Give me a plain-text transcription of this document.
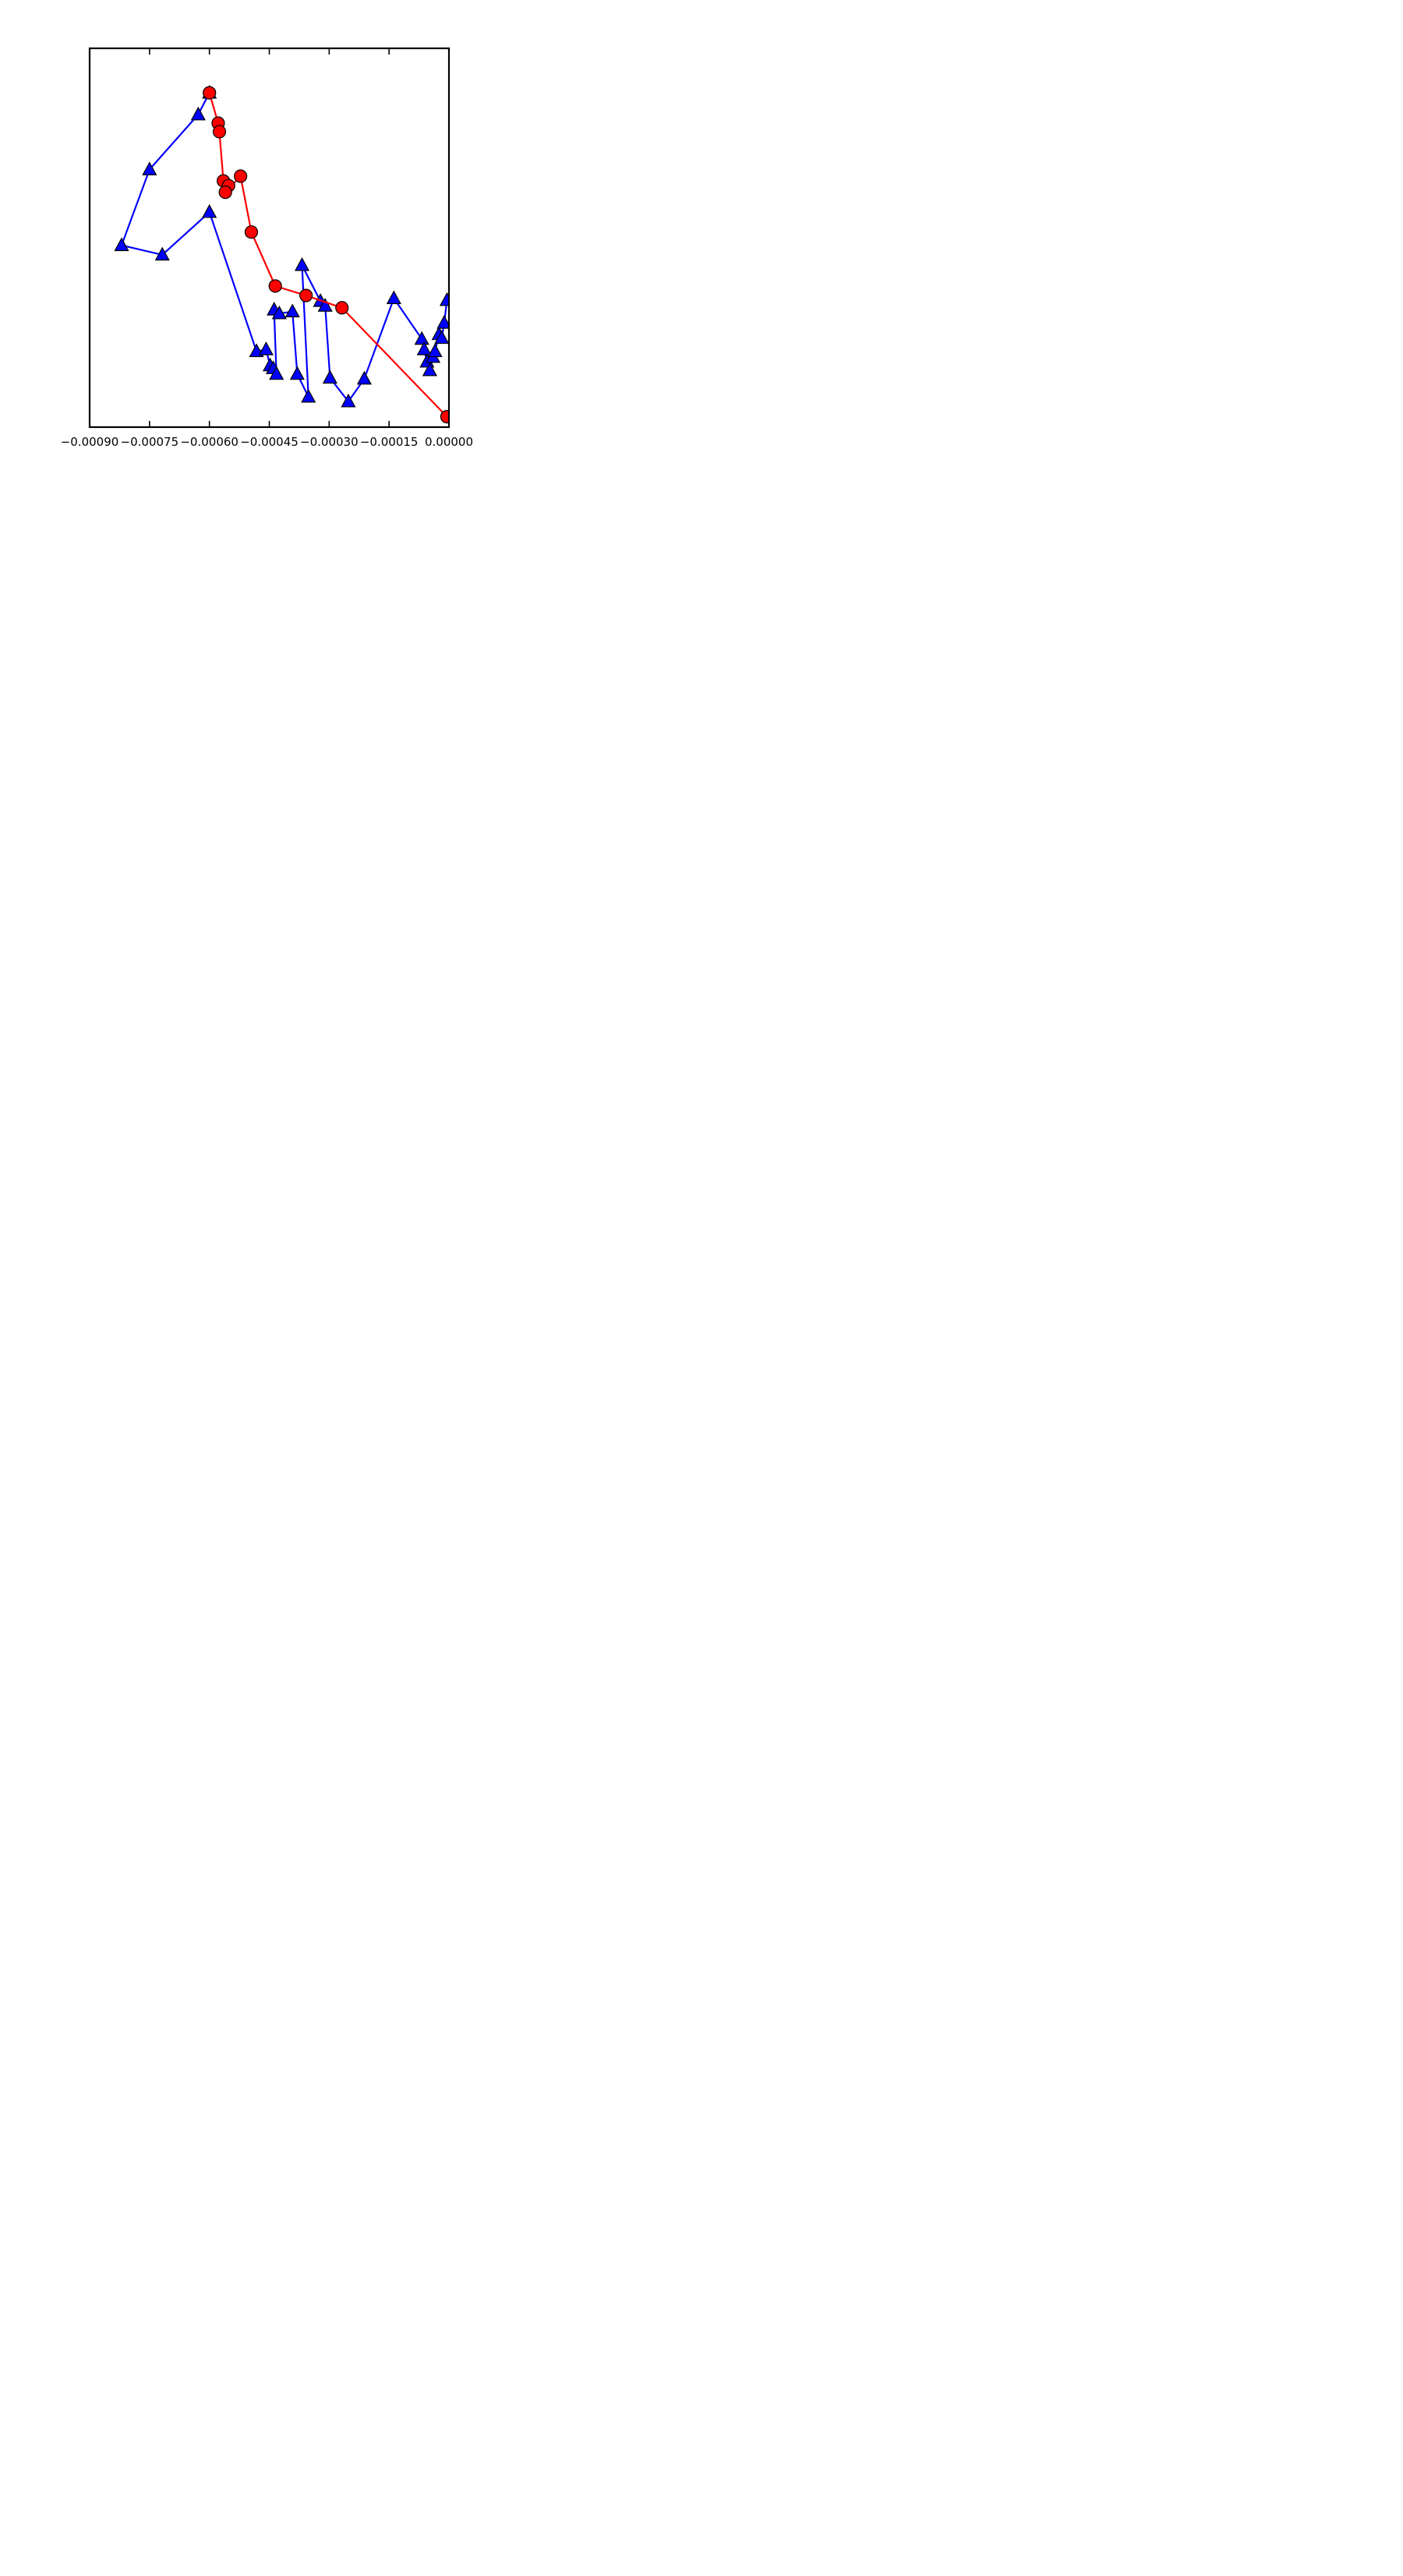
−0.00090 −0.00075 −0.00060 −0.00045 −0.00030 −0.00015 0.00000
